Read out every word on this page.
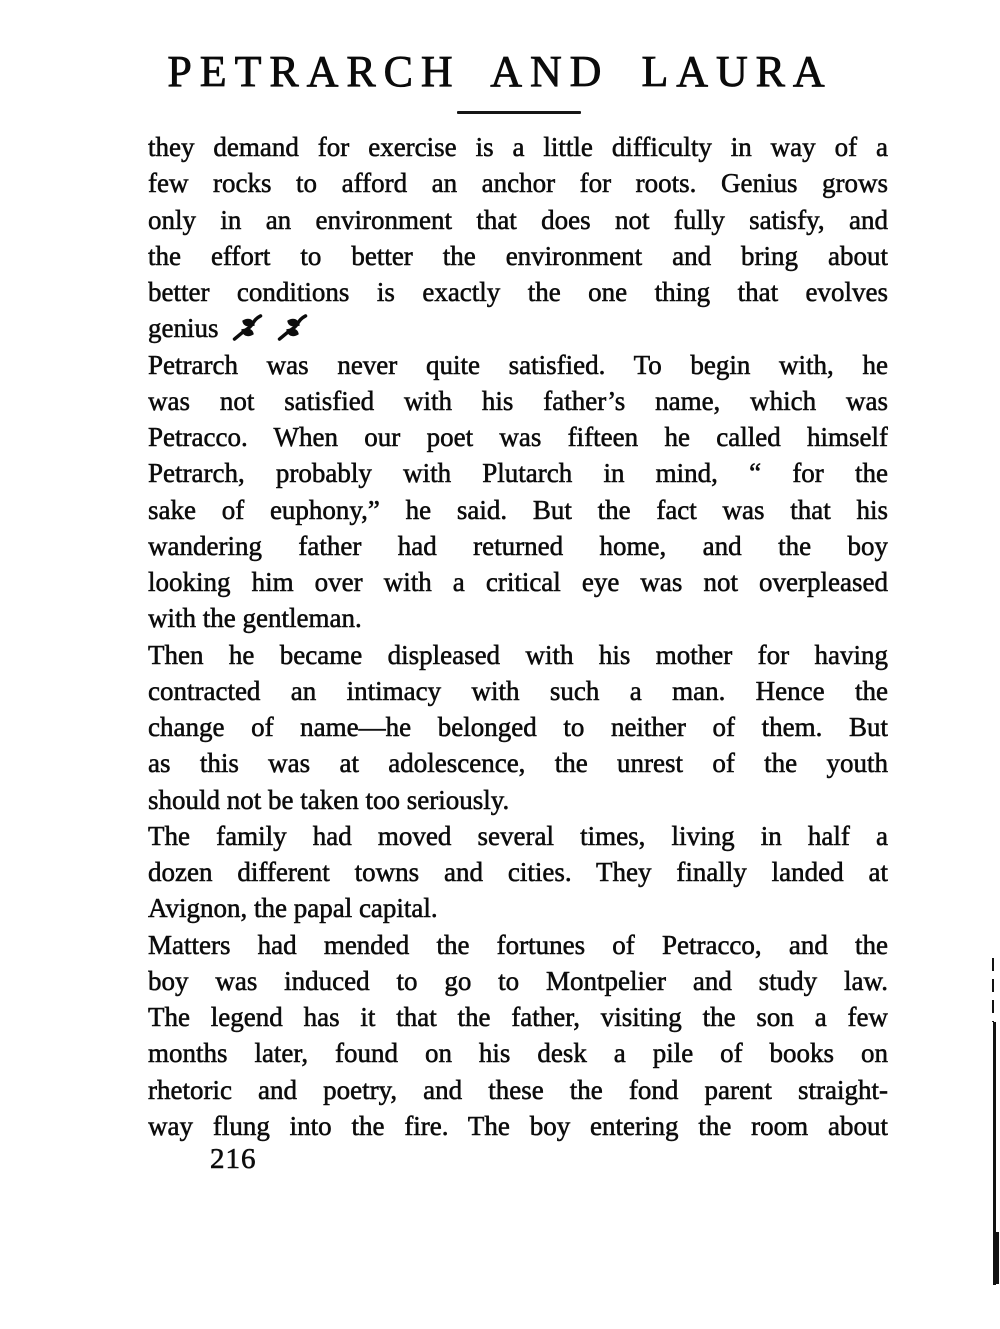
PETRARCH AND LAURA
they demand for exercise is a little difficulty in way of a
few rocks to afford an anchor for roots. Genius grows
only in an environment that does not fully satisfy, and
the effort to better the environment and bring about
better conditions is exactly the one thing that evolves
genius
Petrarch was never quite satisfied. To begin with, he
was not satisfied with his father’s name, which was
Petracco. When our poet was fifteen he called himself
Petrarch, probably with Plutarch in mind, “ for the
sake of euphony,” he said. But the fact was that his
wandering father had returned home, and the boy
looking him over with a critical eye was not overpleased
with the gentleman.
Then he became displeased with his mother for having
contracted an intimacy with such a man. Hence the
change of name—he belonged to neither of them. But
as this was at adolescence, the unrest of the youth
should not be taken too seriously.
The family had moved several times, living in half a
dozen different towns and cities. They finally landed at
Avignon, the papal capital.
Matters had mended the fortunes of Petracco, and the
boy was induced to go to Montpelier and study law.
The legend has it that the father, visiting the son a few
months later, found on his desk a pile of books on
rhetoric and poetry, and these the fond parent straight-
way flung into the fire. The boy entering the room about
216
